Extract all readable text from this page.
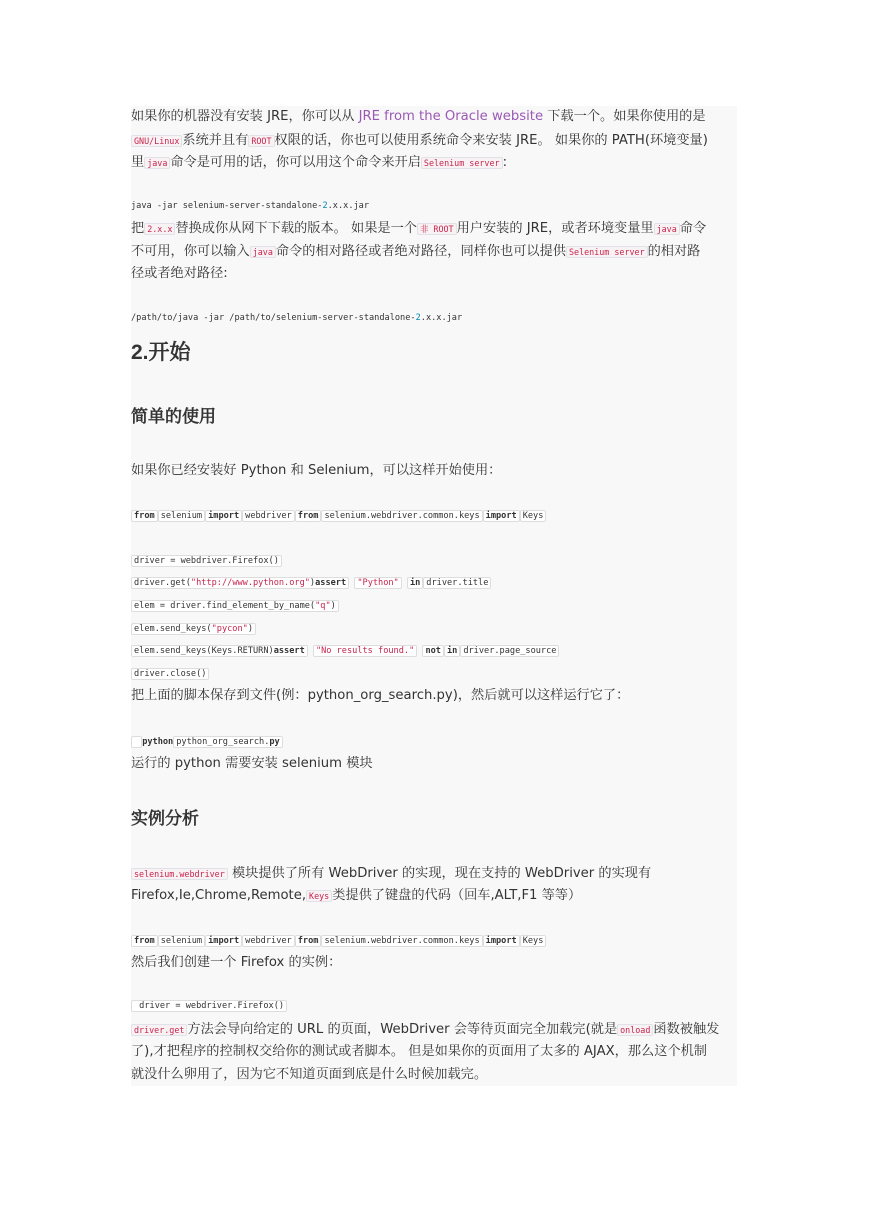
如果你的机器没有安装 JRE，你可以从 JRE from the Oracle website 下载一个。如果你使用的是

GNU/Linux 系统并且有 ROOT 权限的话，你也可以使用系统命令来安装 JRE。 如果你的 PATH(环境变量)

里java 命令是可用的话，你可以用这个命令来开启 Selenium server :

java -jar selenium-server-standalone-2.x.x.jar

把 2.x.x 替换成你从网下下载的版本。 如果是一个 非 ROOT 用户安装的 JRE，或者环境变量里 java 命令

不可用，你可以输入 java 命令的相对路径或者绝对路径，同样你也可以提供 Selenium server 的相对路

径或者绝对路径:

/path/to/java -jar /path/to/selenium-server-standalone-2.x.x.jar
2.开始
简单的使用

如果你已经安装好 Python 和 Selenium，可以这样开始使用：

from selenium import webdriver from selenium.webdriver.common.keys import Keys
driver = webdriver.Firefox()
driver.get("http://www.python.org")assert "Python" in driver.title
elem = driver.find_element_by_name("q")
elem.send_keys("pycon")
elem.send_keys(Keys.RETURN)assert "No results found." not in driver.page_source
driver.close()

把上面的脚本保存到文件(例：python_org_search.py)，然后就可以这样运行它了：

python python_org_search.py

运行的 python 需要安装 selenium 模块

实例分析

selenium.webdriver 模块提供了所有 WebDriver 的实现，现在支持的 WebDriver 的实现有

Firefox,Ie,Chrome,Remote, Keys 类提供了键盘的代码（回车,ALT,F1 等等）

from selenium import webdriver from selenium.webdriver.common.keys import Keys

然后我们创建一个 Firefox 的实例：

driver = webdriver.Firefox()

driver.get 方法会导向给定的 URL 的页面，WebDriver 会等待页面完全加载完(就是 onload 函数被触发

了),才把程序的控制权交给你的测试或者脚本。 但是如果你的页面用了太多的 AJAX，那么这个机制

就没什么卵用了，因为它不知道页面到底是什么时候加载完。
